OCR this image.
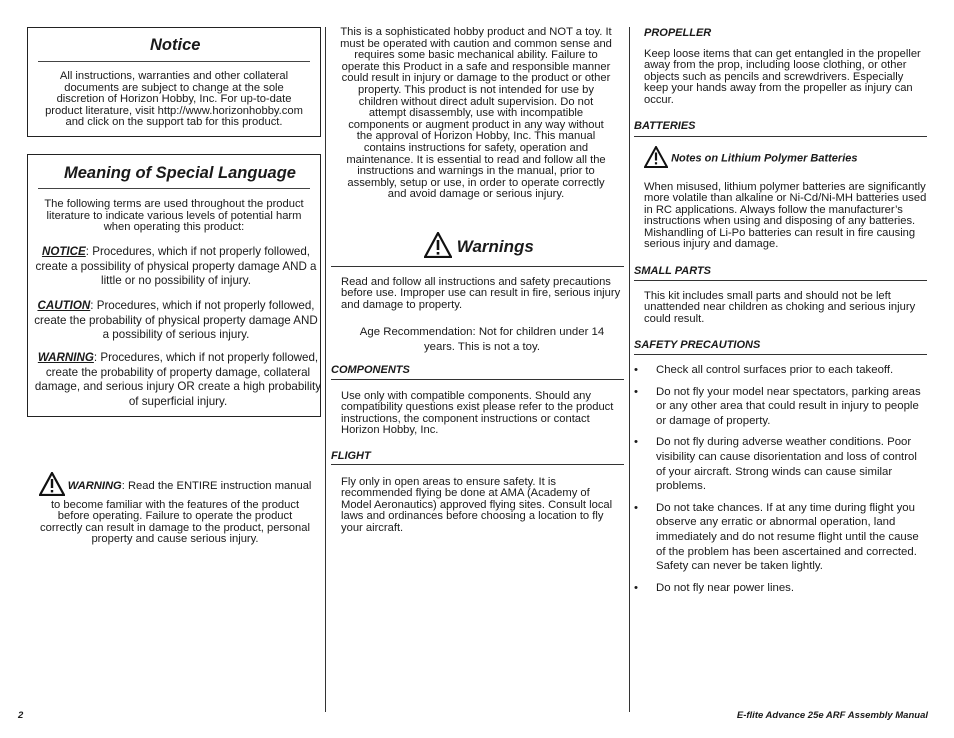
Notice
All instructions, warranties and other collateral documents are subject to change at the sole discretion of Horizon Hobby, Inc. For up-to-date product literature, visit http://www.horizonhobby.com and click on the support tab for this product.
Meaning of Special Language
The following terms are used throughout the product literature to indicate various levels of potential harm when operating this product:
NOTICE: Procedures, which if not properly followed, create a possibility of physical property damage AND a little or no possibility of injury.
CAUTION: Procedures, which if not properly followed, create the probability of physical property damage AND a possibility of serious injury.
WARNING: Procedures, which if not properly followed, create the probability of property damage, collateral damage, and serious injury OR create a high probability of superficial injury.
WARNING: Read the ENTIRE instruction manual to become familiar with the features of the product before operating. Failure to operate the product correctly can result in damage to the product, personal property and cause serious injury.
This is a sophisticated hobby product and NOT a toy. It must be operated with caution and common sense and requires some basic mechanical ability. Failure to operate this Product in a safe and responsible manner could result in injury or damage to the product or other property. This product is not intended for use by children without direct adult supervision. Do not attempt disassembly, use with incompatible components or augment product in any way without the approval of Horizon Hobby, Inc. This manual contains instructions for safety, operation and maintenance. It is essential to read and follow all the instructions and warnings in the manual, prior to assembly, setup or use, in order to operate correctly and avoid damage or serious injury.
Warnings
Read and follow all instructions and safety precautions before use. Improper use can result in fire, serious injury and damage to property.
Age Recommendation: Not for children under 14 years. This is not a toy.
COMPONENTS
Use only with compatible components. Should any compatibility questions exist please refer to the product instructions, the component instructions or contact Horizon Hobby, Inc.
FLIGHT
Fly only in open areas to ensure safety. It is recommended flying be done at AMA (Academy of Model Aeronautics) approved flying sites. Consult local laws and ordinances before choosing a location to fly your aircraft.
PROPELLER
Keep loose items that can get entangled in the propeller away from the prop, including loose clothing, or other objects such as pencils and screwdrivers. Especially keep your hands away from the propeller as injury can occur.
BATTERIES
Notes on Lithium Polymer Batteries
When misused, lithium polymer batteries are significantly more volatile than alkaline or Ni-Cd/Ni-MH batteries used in RC applications. Always follow the manufacturer’s instructions when using and disposing of any batteries. Mishandling of Li-Po batteries can result in fire causing serious injury and damage.
SMALL PARTS
This kit includes small parts and should not be left unattended near children as choking and serious injury could result.
SAFETY PRECAUTIONS
• Check all control surfaces prior to each takeoff.
• Do not fly your model near spectators, parking areas or any other area that could result in injury to people or damage of property.
• Do not fly during adverse weather conditions. Poor visibility can cause disorientation and loss of control of your aircraft. Strong winds can cause similar problems.
• Do not take chances. If at any time during flight you observe any erratic or abnormal operation, land immediately and do not resume flight until the cause of the problem has been ascertained and corrected. Safety can never be taken lightly.
• Do not fly near power lines.
2	E-flite Advance 25e ARF Assembly Manual
